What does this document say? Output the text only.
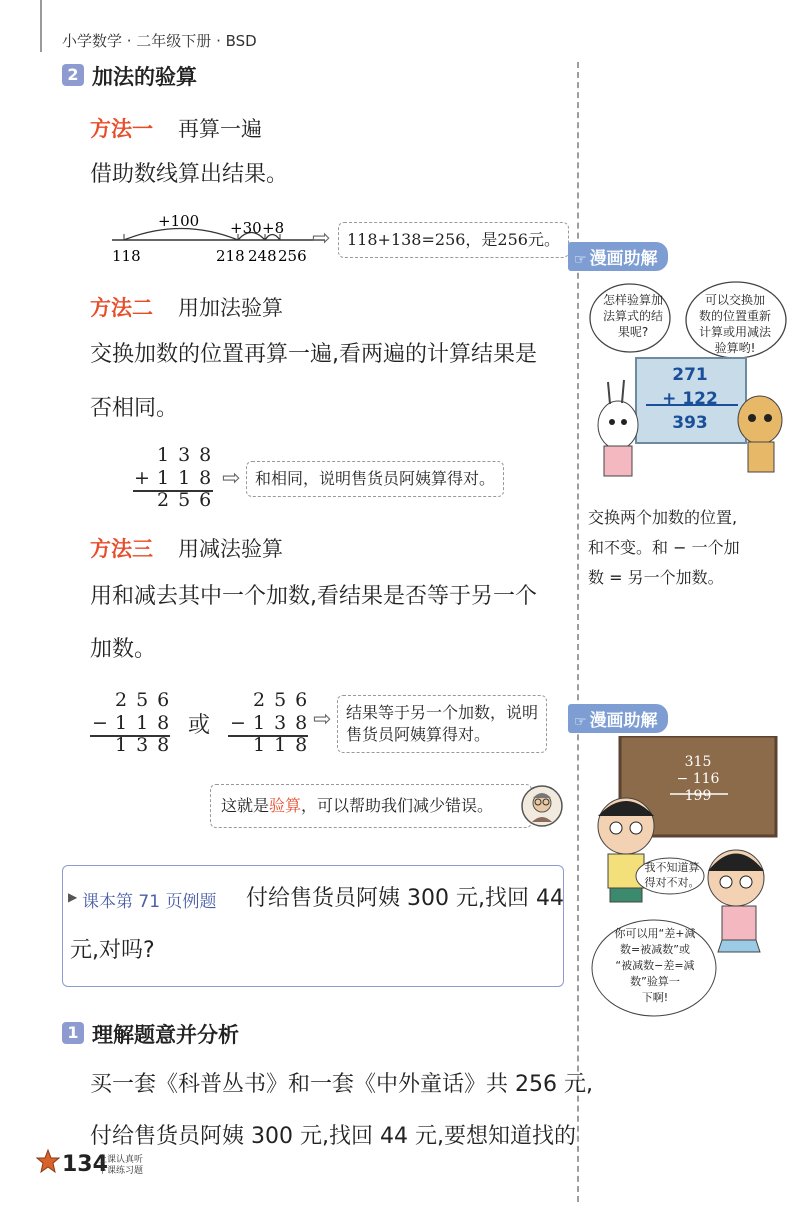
小学数学 · 二年级下册 · BSD
2 加法的验算
方法一 再算一遍
借助数线算出结果。
+100 +30 +8
118	218 248 256
⇨	118+138=256，是256元。
方法二 用加法验算
交换加数的位置再算一遍,看两遍的计算结果是
否相同。
138
+
118
256
⇨ 和相同，说明售货员阿姨算得对。
方法三 用减法验算
用和减去其中一个加数,看结果是否等于另一个
加数。
256
−
118
138
或
256
−
138
118
⇨ 结果等于另一个加数，说明
售货员阿姨算得对。
这就是验算，可以帮助我们减少错误。
▶ 课本第 71 页例题 付给售货员阿姨 300 元,找回 44
元,对吗?
1 理解题意并分析
买一套《科普丛书》和一套《中外童话》共 256 元,
付给售货员阿姨 300 元,找回 44 元,要想知道找的
134
上课认真听
下课练习题
☞ 漫画助解
怎样验算加
法算式的结
果呢?
可以交换加
数的位置重新
计算或用减法
验算哟!
271
+ 122
393
交换两个加数的位置,
和不变。和 − 一个加
数 = 另一个加数。
☞ 漫画助解
315
− 116
199
我不知道算
得对不对。
你可以用“差+减
数=被减数”或
“被减数−差=减
数”验算一
下啊!
